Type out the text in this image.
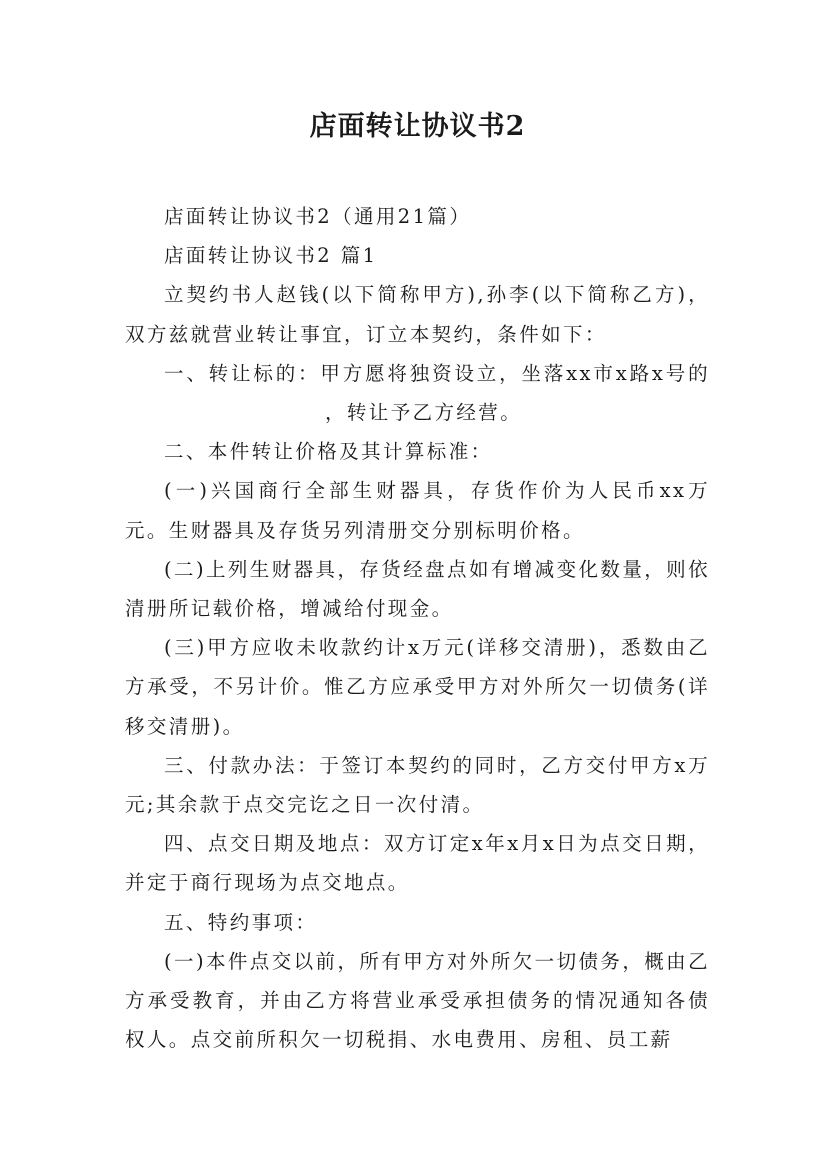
店面转让协议书2

店面转让协议书2（通用21篇）

店面转让协议书2 篇1

立契约书人赵钱(以下简称甲方),孙李(以下简称乙方)，双方兹就营业转让事宜，订立本契约，条件如下：

一、转让标的：甲方愿将独资设立，坐落xx市x路x号的，转让予乙方经营。

二、本件转让价格及其计算标准：

(一)兴国商行全部生财器具，存货作价为人民币xx万元。生财器具及存货另列清册交分别标明价格。

(二)上列生财器具，存货经盘点如有增减变化数量，则依清册所记载价格，增减给付现金。

(三)甲方应收未收款约计x万元(详移交清册)，悉数由乙方承受，不另计价。惟乙方应承受甲方对外所欠一切债务(详移交清册)。

三、付款办法：于签订本契约的同时，乙方交付甲方x万元;其余款于点交完讫之日一次付清。

四、点交日期及地点：双方订定x年x月x日为点交日期，并定于商行现场为点交地点。

五、特约事项：

(一)本件点交以前，所有甲方对外所欠一切债务，概由乙方承受教育，并由乙方将营业承受承担债务的情况通知各债权人。点交前所积欠一切税捐、水电费用、房租、员工薪
